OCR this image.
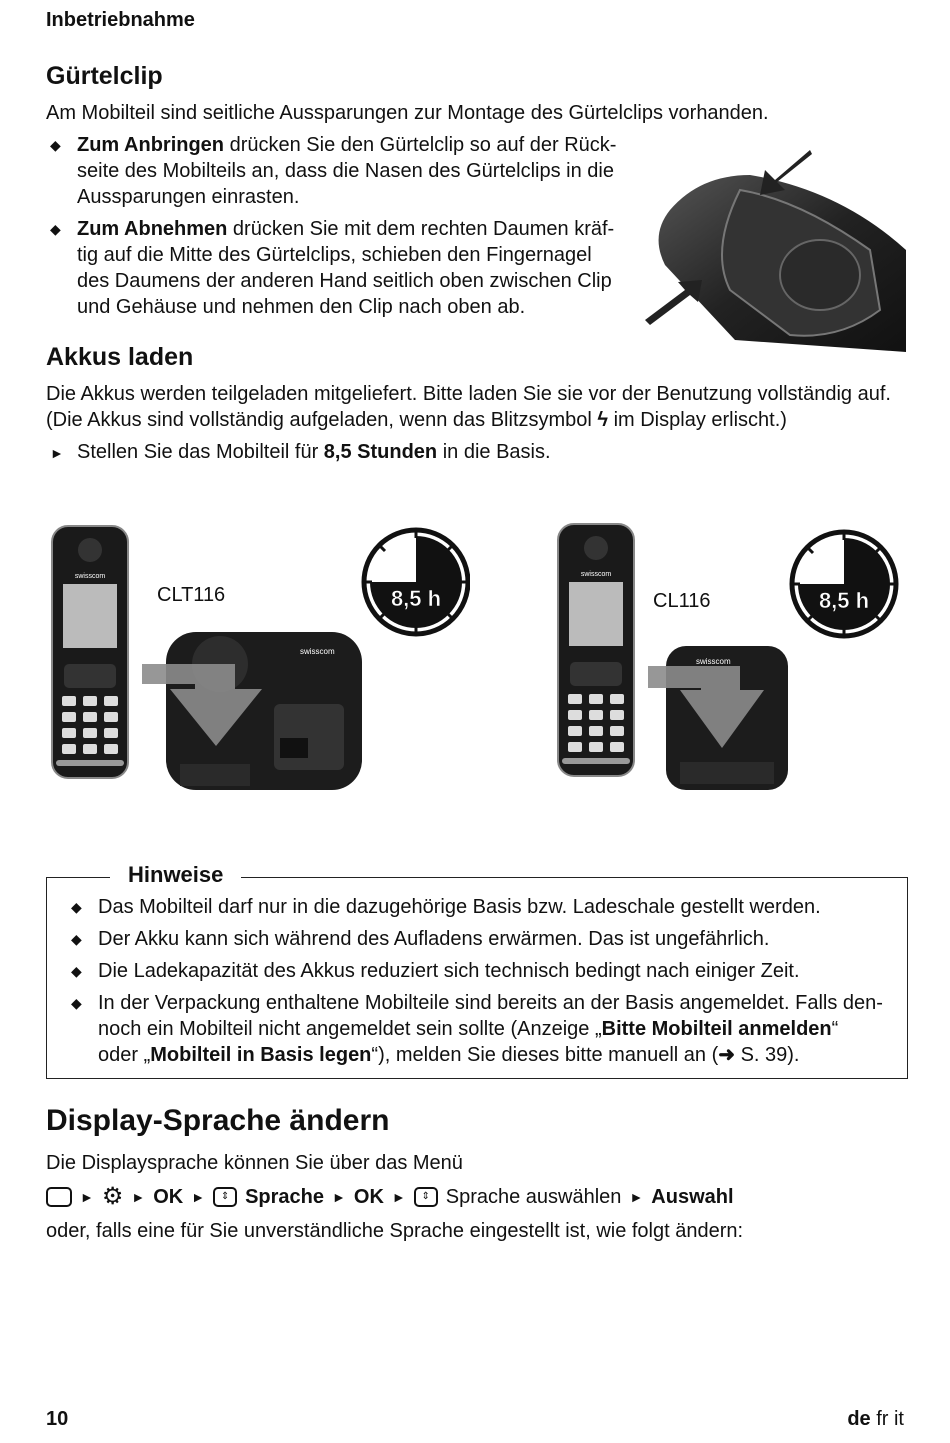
Inbetriebnahme
Gürtelclip

Am Mobilteil sind seitliche Aussparungen zur Montage des Gürtelclips vorhanden.

◆ Zum Anbringen drücken Sie den Gürtelclip so auf der Rück-
seite des Mobilteils an, dass die Nasen des Gürtelclips in die
Aussparungen einrasten.
◆ Zum Abnehmen drücken Sie mit dem rechten Daumen kräf-
tig auf die Mitte des Gürtelclips, schieben den Fingernagel
des Daumens der anderen Hand seitlich oben zwischen Clip
und Gehäuse und nehmen den Clip nach oben ab.
Akkus laden

Die Akkus werden teilgeladen mitgeliefert. Bitte laden Sie sie vor der Benutzung vollständig auf.

(Die Akkus sind vollständig aufgeladen, wenn das Blitzsymbol ϟ im Display erlischt.)

► Stellen Sie das Mobilteil für 8,5 Stunden in die Basis.

swisscom
swisscom
8,5 h
CLT116
swisscom
swisscom
8,5 h
CL116
Hinweise
◆ Das Mobilteil darf nur in die dazugehörige Basis bzw. Ladeschale gestellt werden.
◆ Der Akku kann sich während des Aufladens erwärmen. Das ist ungefährlich.
◆ Die Ladekapazität des Akkus reduziert sich technisch bedingt nach einiger Zeit.
◆ In der Verpackung enthaltene Mobilteile sind bereits an der Basis angemeldet. Falls den-
noch ein Mobilteil nicht angemeldet sein sollte (Anzeige „Bitte Mobilteil anmelden“
oder „Mobilteil in Basis legen“), melden Sie dieses bitte manuell an (➜ S. 39).
Display-Sprache ändern

Die Displaysprache können Sie über das Menü

► ⚙ ► OK ►	⇕ Sprache ► OK ►	⇕ Sprache auswählen ► Auswahl

oder, falls eine für Sie unverständliche Sprache eingestellt ist, wie folgt ändern:

10	de fr it
